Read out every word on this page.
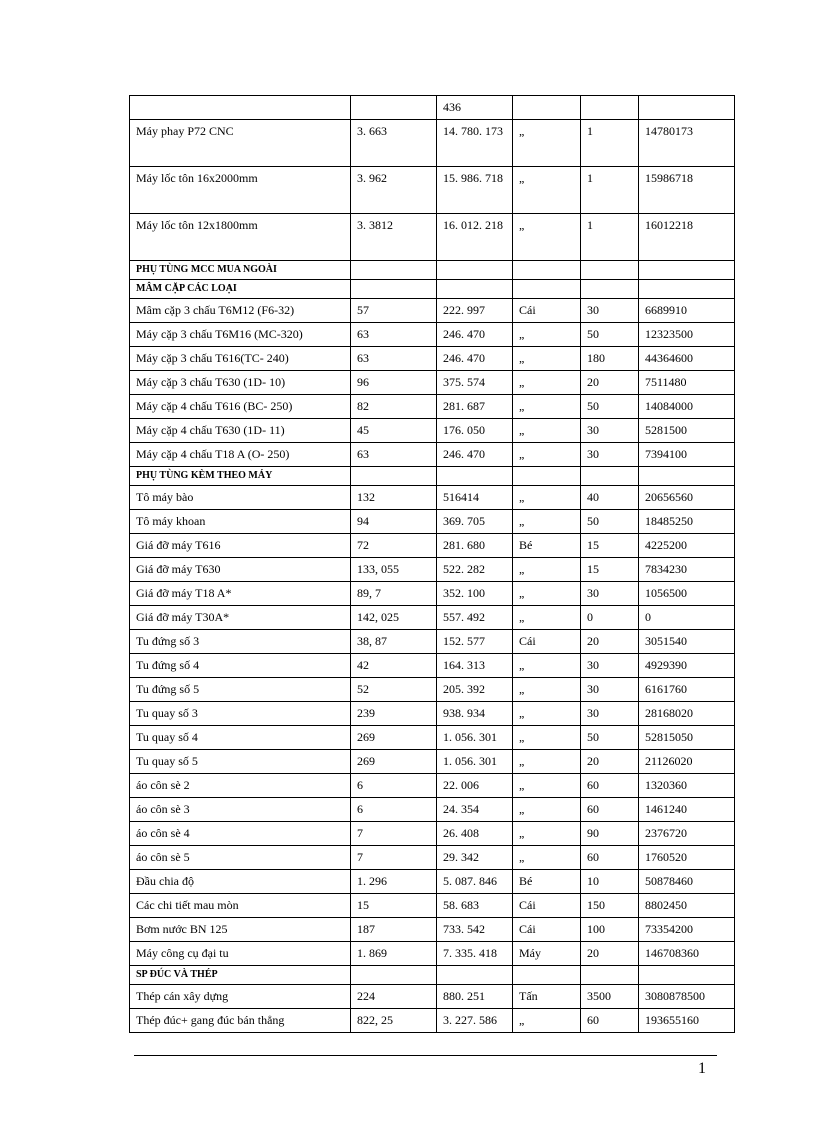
		436			
Máy phay P72 CNC	3. 663	14. 780. 173	„	1	14780173
Máy lốc tôn 16x2000mm	3. 962	15. 986. 718	„	1	15986718
Máy lốc tôn 12x1800mm	3. 3812	16. 012. 218	„	1	16012218
PHỤ TÙNG MCC MUA NGOÀI					
MÂM CẶP CÁC LOẠI					
Mâm cặp 3 chấu T6M12 (F6-32)	57	222. 997	Cái	30	6689910
Máy cặp 3 chấu T6M16 (MC-320)	63	246. 470	„	50	12323500
Máy cặp 3 chấu T616(TC- 240)	63	246. 470	„	180	44364600
Máy cặp 3 chấu T630 (1D- 10)	96	375. 574	„	20	7511480
Máy cặp 4 chấu T616 (BC- 250)	82	281. 687	„	50	14084000
Máy cặp 4 chấu T630 (1D- 11)	45	176. 050	„	30	5281500
Máy cặp 4 chấu T18 A (O- 250)	63	246. 470	„	30	7394100
PHỤ TÙNG KÈM THEO MÁY					
Tô máy bào	132	516414	„	40	20656560
Tô máy khoan	94	369. 705	„	50	18485250
Giá đỡ máy T616	72	281. 680	Bé	15	4225200
Giá đỡ máy T630	133, 055	522. 282	„	15	7834230
Giá đỡ máy T18 A*	89, 7	352. 100	„	30	1056500
Giá đỡ máy T30A*	142, 025	557. 492	„	0	0
Tu đứng số 3	38, 87	152. 577	Cái	20	3051540
Tu đứng số 4	42	164. 313	„	30	4929390
Tu đứng số 5	52	205. 392	„	30	6161760
Tu quay số 3	239	938. 934	„	30	28168020
Tu quay số 4	269	1. 056. 301	„	50	52815050
Tu quay số 5	269	1. 056. 301	„	20	21126020
áo côn sè 2	6	22. 006	„	60	1320360
áo côn sè 3	6	24. 354	„	60	1461240
áo côn sè 4	7	26. 408	„	90	2376720
áo côn sè 5	7	29. 342	„	60	1760520
Đầu chia độ	1. 296	5. 087. 846	Bé	10	50878460
Các chi tiết mau mòn	15	58. 683	Cái	150	8802450
Bơm nước BN 125	187	733. 542	Cái	100	73354200
Máy công cụ đại tu	1. 869	7. 335. 418	Máy	20	146708360
SP ĐÚC VÀ THÉP					
Thép cán xây dựng	224	880. 251	Tấn	3500	3080878500
Thép đúc+ gang đúc bán thẳng	822, 25	3. 227. 586	„	60	193655160
1
